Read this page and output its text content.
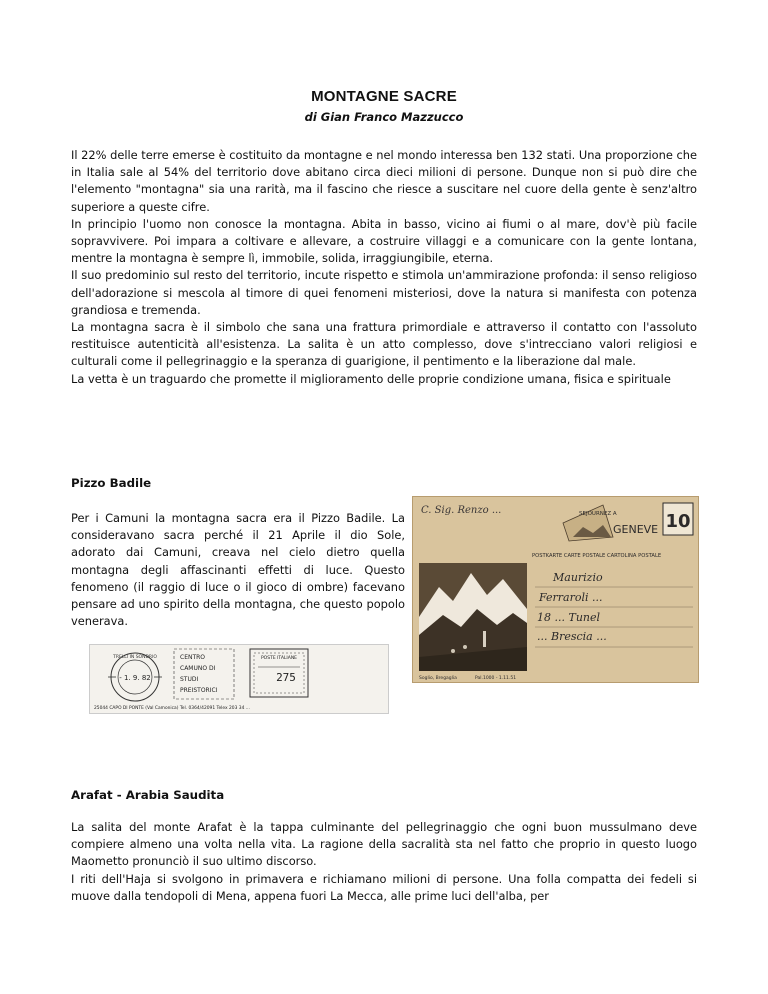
MONTAGNE SACRE
di Gian Franco Mazzucco

Il 22% delle terre emerse è costituito da montagne e nel mondo interessa ben 132 stati. Una proporzione che in Italia sale al 54% del territorio dove abitano circa dieci milioni di persone. Dunque non si può dire che l'elemento "montagna" sia una rarità, ma il fascino che riesce a suscitare nel cuore della gente è senz'altro superiore a queste cifre.

In principio l'uomo non conosce la montagna. Abita in basso, vicino ai fiumi o al mare, dov'è più facile sopravvivere. Poi impara a coltivare e allevare, a costruire villaggi e a comunicare con la gente lontana, mentre la montagna è sempre lì, immobile, solida, irraggiungibile, eterna.

Il suo predominio sul resto del territorio, incute rispetto e stimola un'ammirazione profonda: il senso religioso dell'adorazione si mescola al timore di quei fenomeni misteriosi, dove la natura si manifesta con potenza grandiosa e tremenda.

La montagna sacra è il simbolo che sana una frattura primordiale e attraverso il contatto con l'assoluto restituisce autenticità all'esistenza. La salita è un atto complesso, dove s'intrecciano valori religiosi e culturali come il pellegrinaggio e la speranza di guarigione, il pentimento e la liberazione dal male.

La vetta è un traguardo che promette il miglioramento delle proprie condizione umana, fisica e spirituale

Pizzo Badile

Per i Camuni la montagna sacra era il Pizzo Badile. La consideravano sacra perché il 21 Aprile il dio Sole, adorato dai Camuni, creava nel cielo dietro quella montagna degli affascinanti effetti di luce. Questo fenomeno (il raggio di luce o il gioco di ombre) facevano pensare ad uno spirito della montagna, che questo popolo venerava.

C. Sig. Renzo ...	SEJOURNEZ A
GENEVE 10
POSTKARTE CARTE POSTALE CARTOLINA POSTALE
Soglio, Bregaglia	Pal.1000 - 1.11.51
Maurizio
Ferraroli ...
18 ... Tunel
... Brescia ...
TRELLI IN SONDRIO
- 1. 9. 82
CENTRO
CAMUNO DI
STUDI
PREISTORICI
POSTE ITALIANE
275
25044 CAPO DI PONTE (Val Camonica) Tel. 0364/42091 Telex 203 34 ...
Arafat - Arabia Saudita

La salita del monte Arafat è la tappa culminante del pellegrinaggio che ogni buon mussulmano deve compiere almeno una volta nella vita. La ragione della sacralità sta nel fatto che proprio in questo luogo Maometto pronunciò il suo ultimo discorso.

I riti dell'Haja si svolgono in primavera e richiamano milioni di persone. Una folla compatta dei fedeli si muove dalla tendopoli di Mena, appena fuori La Mecca, alle prime luci dell'alba, per
